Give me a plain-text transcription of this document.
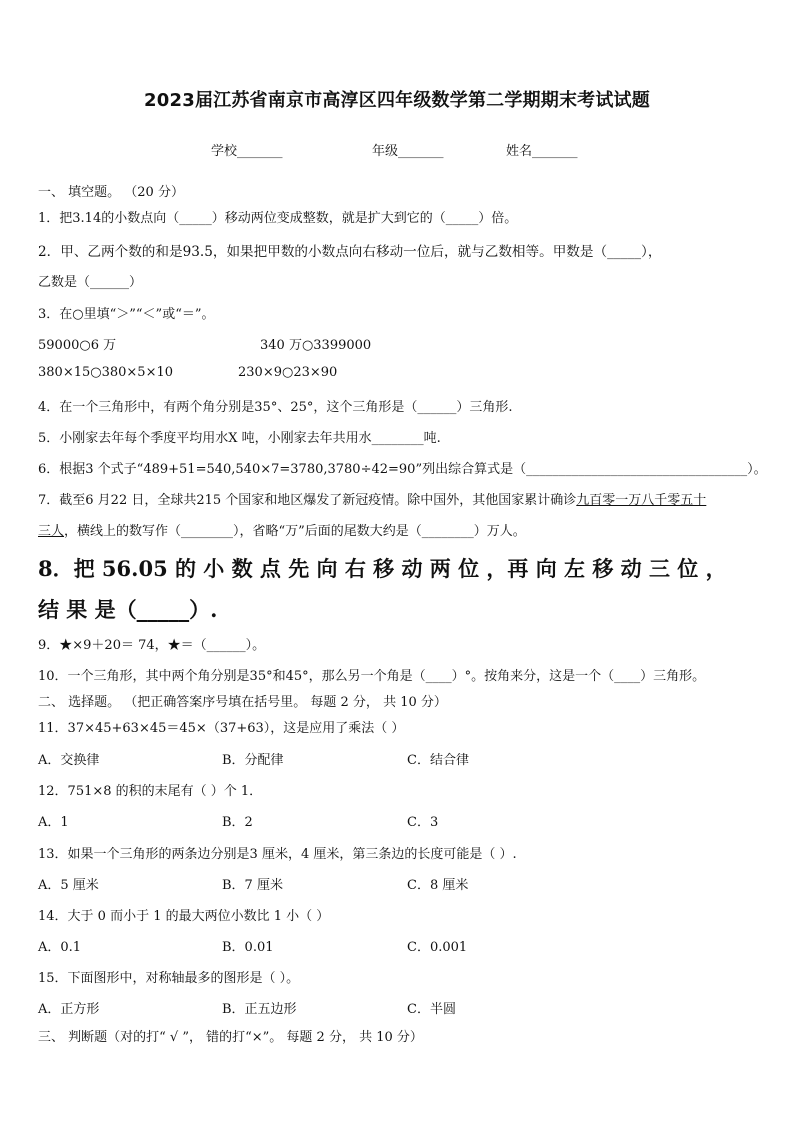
2023届江苏省南京市高淳区四年级数学第二学期期末考试试题
学校_______	年级_______	姓名_______
一、 填空题。 （20 分）
1．把3.14的小数点向（_____）移动两位变成整数，就是扩大到它的（_____）倍。
2．甲、乙两个数的和是93.5，如果把甲数的小数点向右移动一位后，就与乙数相等。甲数是（_____），
乙数是（______）
3．在○里填“＞”“＜”或“＝”。
59000○6 万	340 万○3399000
380×15○380×5×10	230×9○23×90
4．在一个三角形中，有两个角分别是35°、25°，这个三角形是（______）三角形.
5．小刚家去年每个季度平均用水X 吨，小刚家去年共用水________吨.
6．根据3 个式子“489+51=540,540×7=3780,3780÷42=90”列出综合算式是（__________________________________）。
7．截至6 月22 日，全球共215 个国家和地区爆发了新冠疫情。除中国外，其他国家累计确诊九百零一万八千零五十
三人，横线上的数写作（________），省略“万”后面的尾数大约是（________）万人。
8．把 56.05 的 小 数 点 先 向 右 移 动 两 位 ，再 向 左 移 动 三 位 ，
结 果 是（_____）.
9．★×9＋20＝ 74，★＝（______）。
10．一个三角形，其中两个角分别是35°和45°，那么另一个角是（____）°。按角来分，这是一个（____）三角形。
二、 选择题。 （把正确答案序号填在括号里。 每题 2 分， 共 10 分）
11．37×45+63×45＝45×（37+63），这是应用了乘法（ ）
A．交换律	B．分配律	C．结合律
12．751×8 的积的末尾有（ ）个 1．
A．1	B．2	C．3
13．如果一个三角形的两条边分别是3 厘米，4 厘米，第三条边的长度可能是（ ）.
A．5 厘米	B．7 厘米	C．8 厘米
14．大于 0 而小于 1 的最大两位小数比 1 小（ ）
A．0.1	B．0.01	C．0.001
15．下面图形中，对称轴最多的图形是（ ）。
A．正方形	B．正五边形	C．半圆
三、 判断题（对的打“ √ ”， 错的打“×”。 每题 2 分， 共 10 分）
